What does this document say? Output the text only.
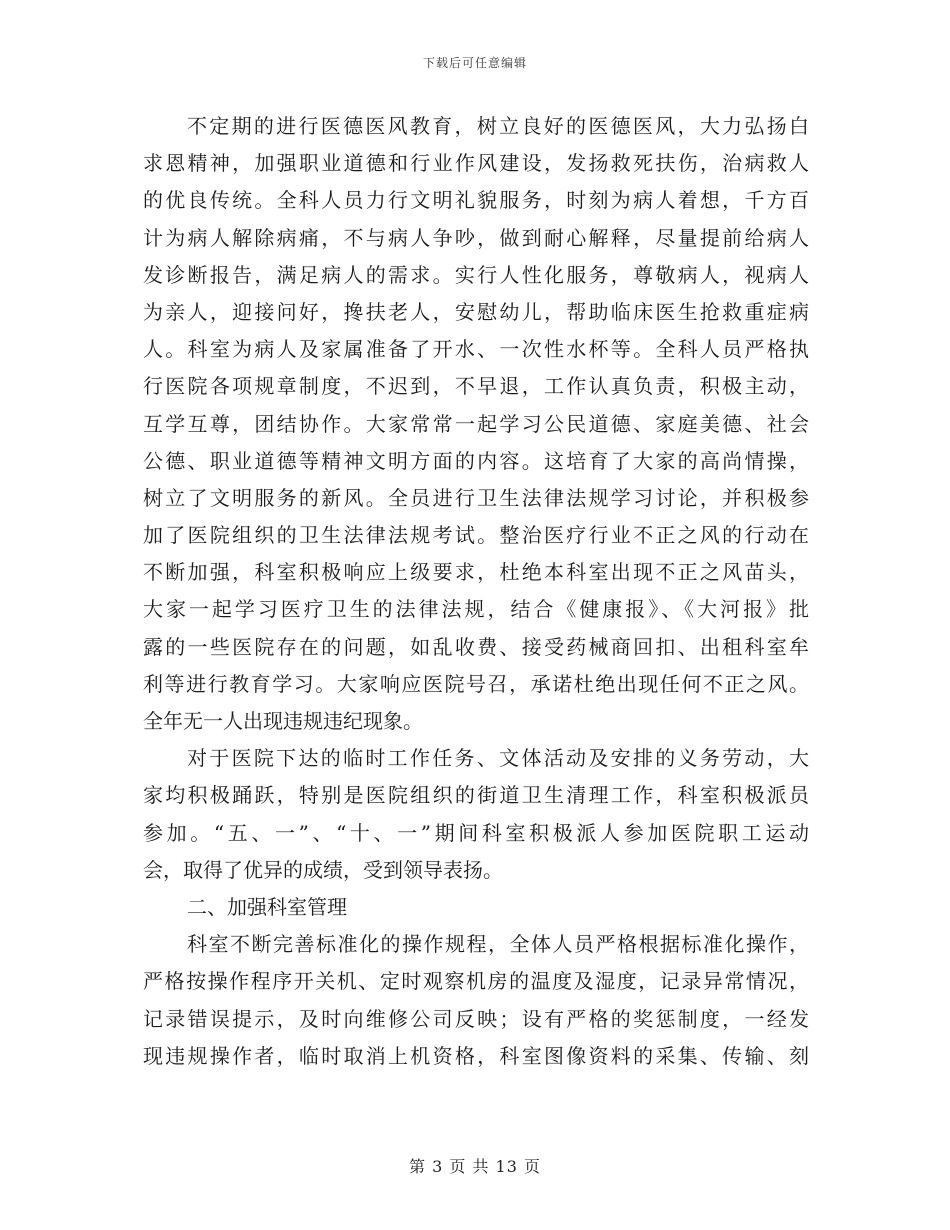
下载后可任意编辑
不定期的进行医德医风教育，树立良好的医德医风，大力弘扬白
求恩精神，加强职业道德和行业作风建设，发扬救死扶伤，治病救人
的优良传统。全科人员力行文明礼貌服务，时刻为病人着想，千方百
计为病人解除病痛，不与病人争吵，做到耐心解释，尽量提前给病人
发诊断报告，满足病人的需求。实行人性化服务，尊敬病人，视病人
为亲人，迎接问好，搀扶老人，安慰幼儿，帮助临床医生抢救重症病
人。科室为病人及家属准备了开水、一次性水杯等。全科人员严格执
行医院各项规章制度，不迟到，不早退，工作认真负责，积极主动，
互学互尊，团结协作。大家常常一起学习公民道德、家庭美德、社会
公德、职业道德等精神文明方面的内容。这培育了大家的高尚情操，
树立了文明服务的新风。全员进行卫生法律法规学习讨论，并积极参
加了医院组织的卫生法律法规考试。整治医疗行业不正之风的行动在
不断加强，科室积极响应上级要求，杜绝本科室出现不正之风苗头，
大家一起学习医疗卫生的法律法规，结合《健康报》、《大河报》批
露的一些医院存在的问题，如乱收费、接受药械商回扣、出租科室牟
利等进行教育学习。大家响应医院号召，承诺杜绝出现任何不正之风。
全年无一人出现违规违纪现象。
对于医院下达的临时工作任务、文体活动及安排的义务劳动，大
家均积极踊跃，特别是医院组织的街道卫生清理工作，科室积极派员
参加。“五、一”、“十、一”期间科室积极派人参加医院职工运动
会，取得了优异的成绩，受到领导表扬。
二、加强科室管理
科室不断完善标准化的操作规程，全体人员严格根据标准化操作，
严格按操作程序开关机、定时观察机房的温度及湿度，记录异常情况，
记录错误提示，及时向维修公司反映；设有严格的奖惩制度，一经发
现违规操作者，临时取消上机资格，科室图像资料的采集、传输、刻
第 3 页 共 13 页
